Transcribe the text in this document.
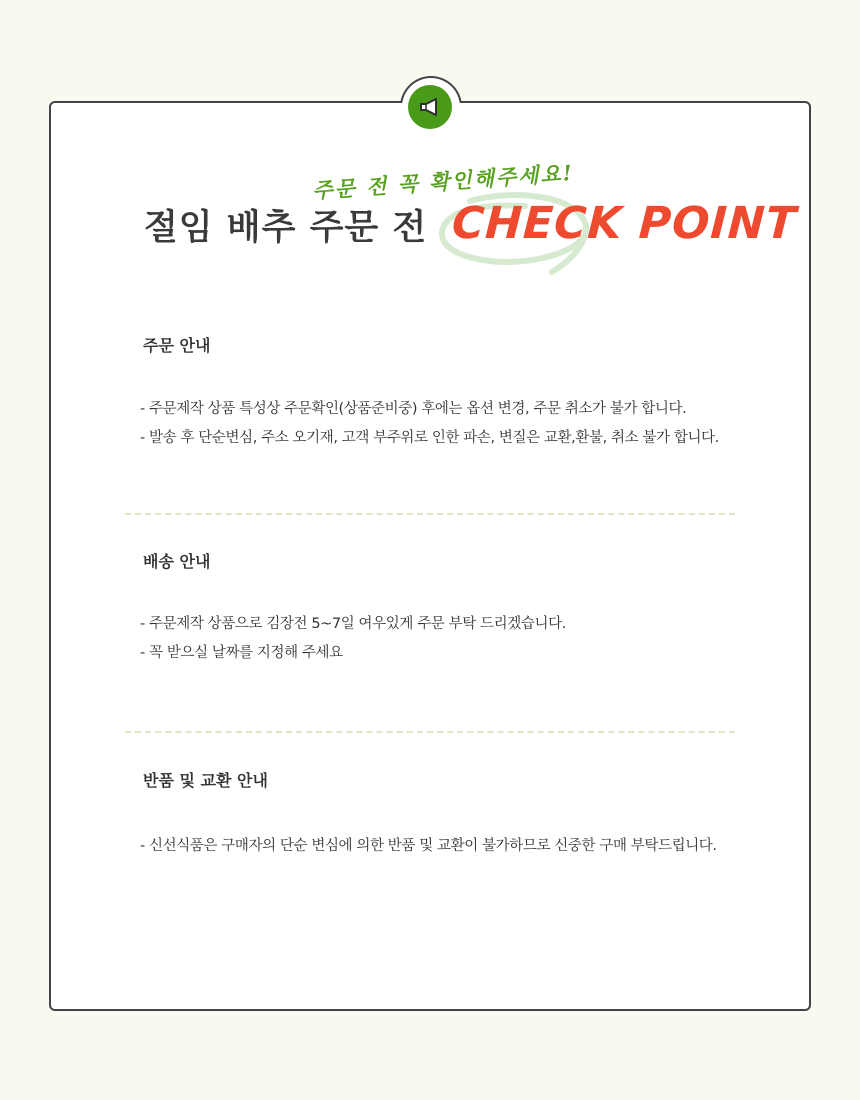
주문 전 꼭 확인해주세요!
절임 배추 주문 전 CHECK POINT
주문 안내
- 주문제작 상품 특성상 주문확인(상품준비중) 후에는 옵션 변경, 주문 취소가 불가 합니다.
- 발송 후 단순변심, 주소 오기재, 고객 부주위로 인한 파손, 변질은 교환,환불, 취소 불가 합니다.
배송 안내
- 주문제작 상품으로 김장전 5~7일 여우있게 주문 부탁 드리겠습니다.
- 꼭 받으실 날짜를 지정해 주세요
반품 및 교환 안내
- 신선식품은 구매자의 단순 변심에 의한 반품 및 교환이 불가하므로 신중한 구매 부탁드립니다.
